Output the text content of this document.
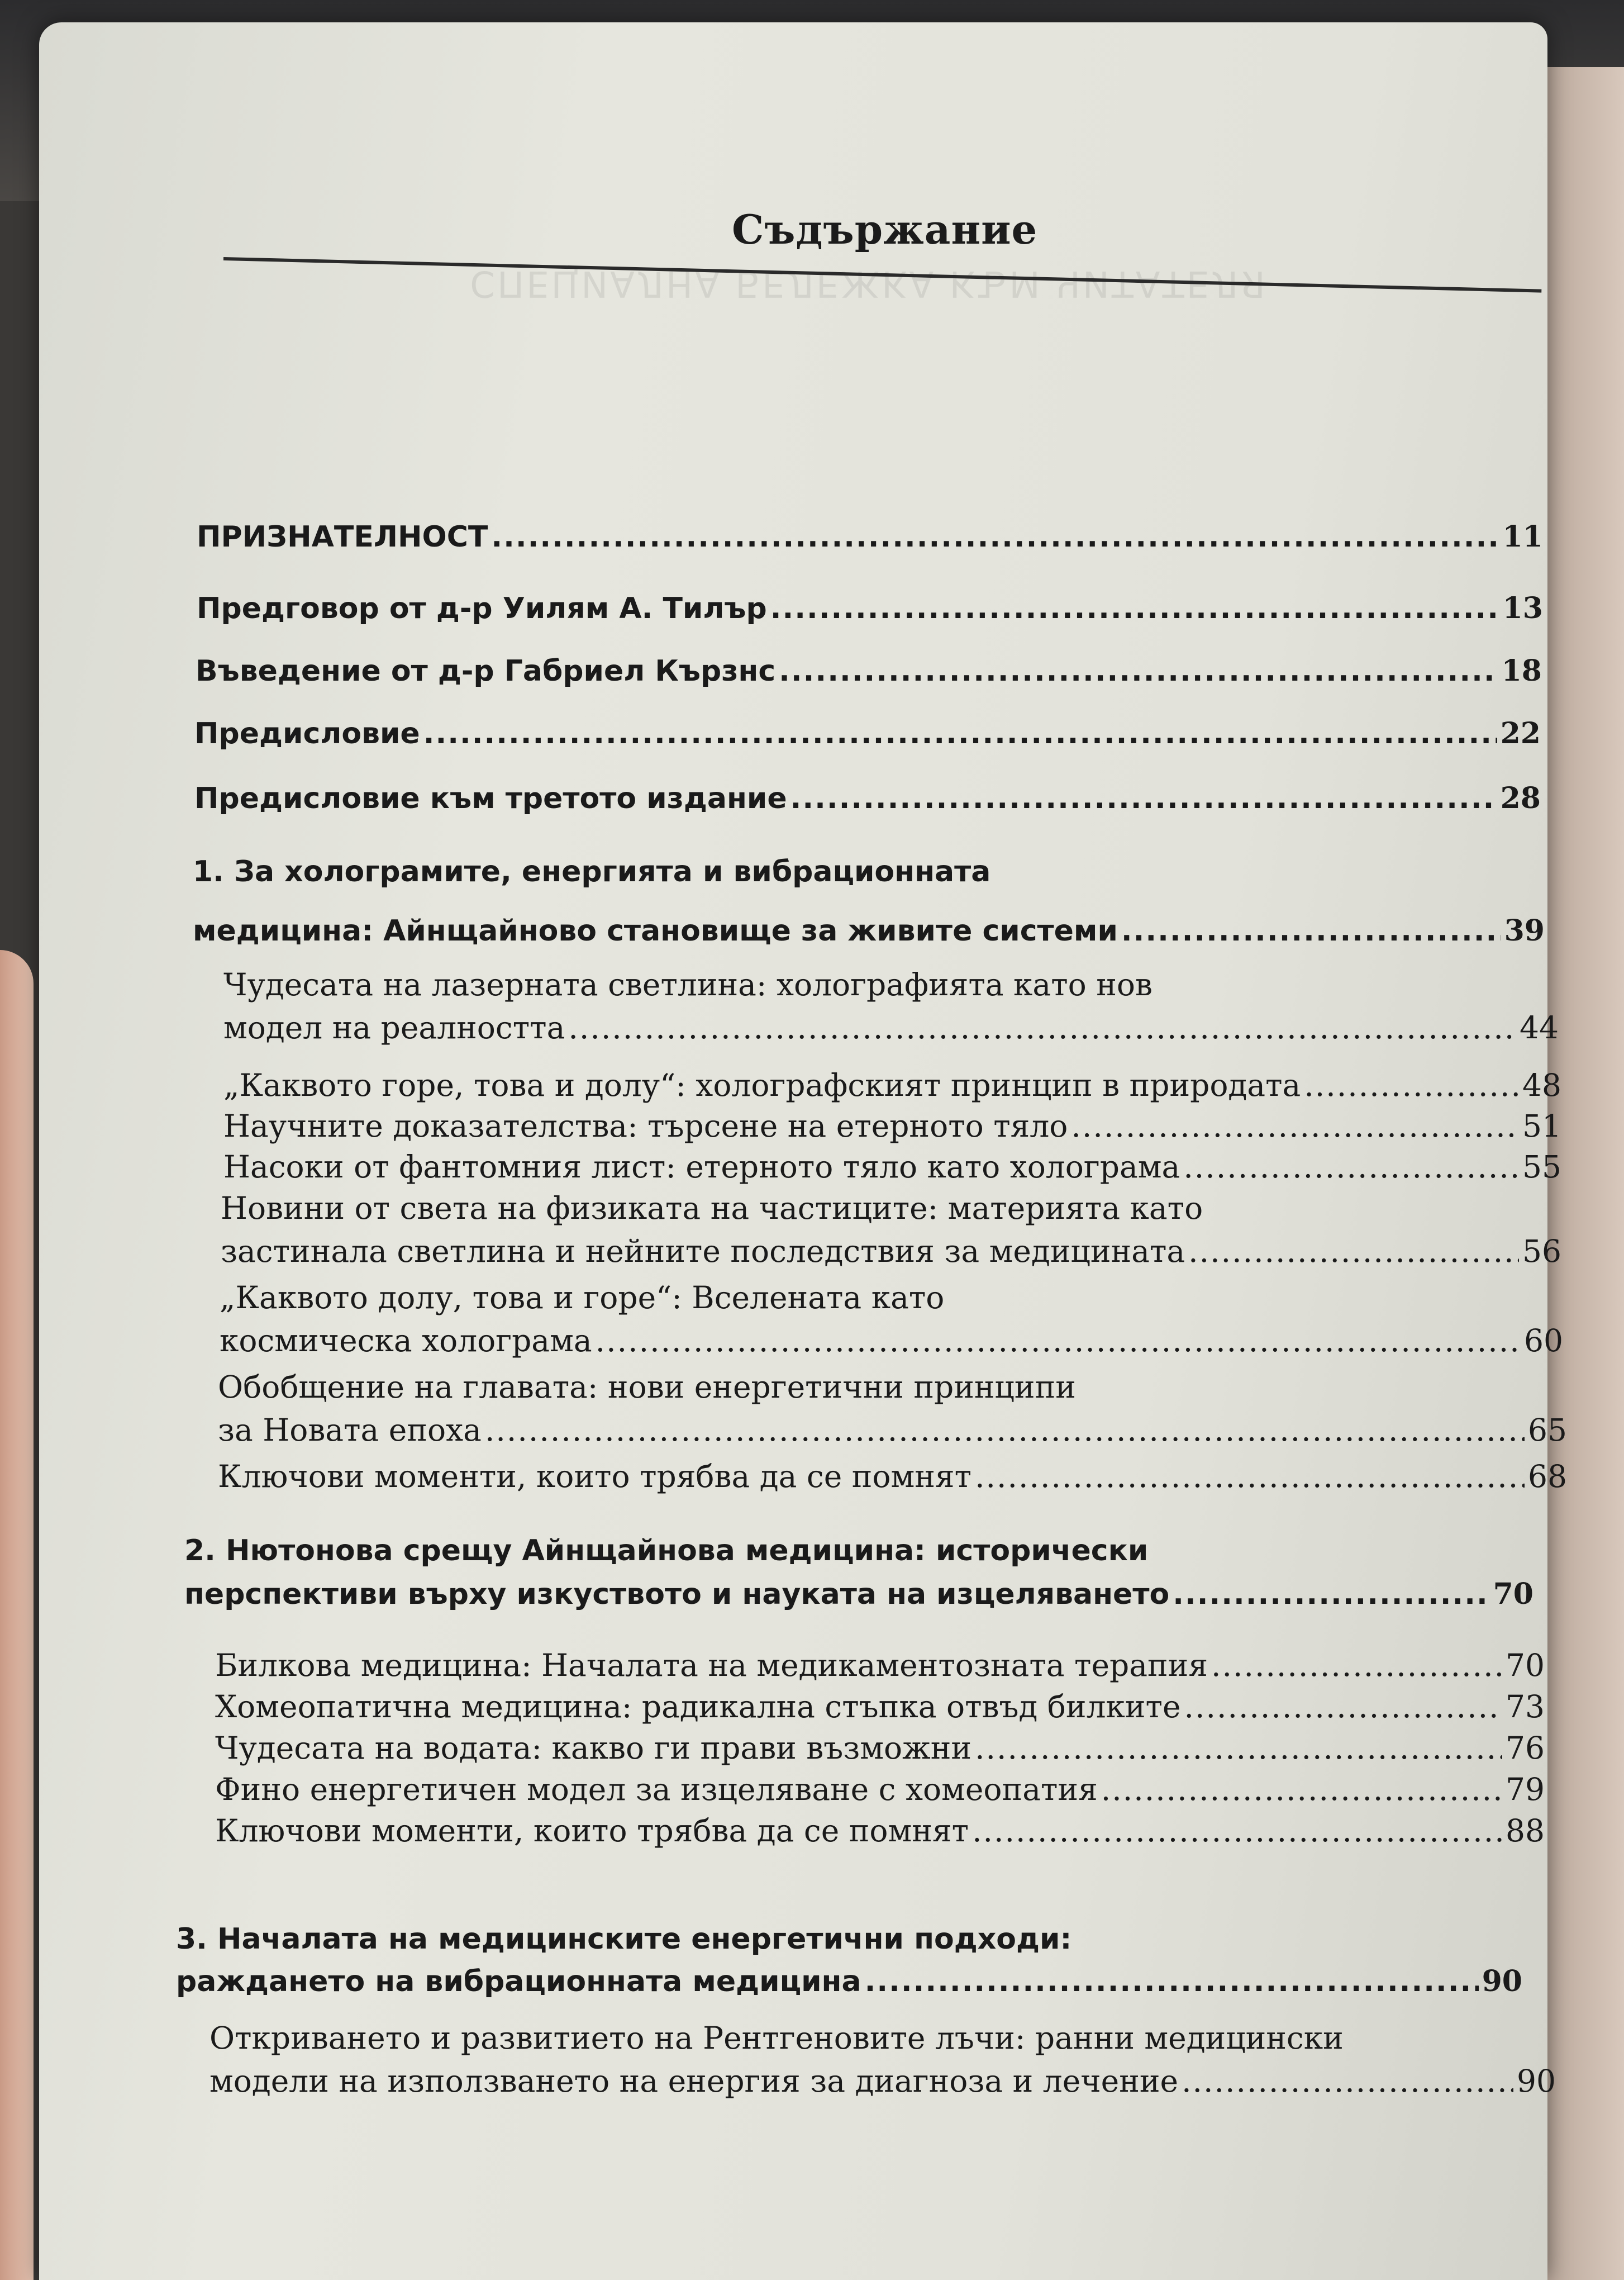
СПЕЦИАЛНА БЕЛЕЖКА КЪМ ЧИТАТЕЛЯ
Съдържание
ПРИЗНАТЕЛНОСТ .....	11
Предговор от д-р Уилям А. Тилър .....	13
Въведение от д-р Габриел Кързнс .....	18
Предисловие .....	22
Предисловие към третото издание .....	28
1. За холограмите, енергията и вибрационната
медицина: Айнщайново становище за живите системи .....	39
Чудесата на лазерната светлина: холографията като нов
модел на реалността .....	44
„Каквото горе, това и долу“: холографският принцип в природата .....	48
Научните доказателства: търсене на етерното тяло .....	51
Насоки от фантомния лист: етерното тяло като холограма .....	55
Новини от света на физиката на частиците: материята като
застинала светлина и нейните последствия за медицината .....	56
„Каквото долу, това и горе“: Вселената като
космическа холограма .....	60
Обобщение на главата: нови енергетични принципи
за Новата епоха .....	65
Ключови моменти, които трябва да се помнят .....	68
2. Нютонова срещу Айнщайнова медицина: исторически
перспективи върху изкуството и науката на изцеляването .....	70
Билкова медицина: Началата на медикаментозната терапия .....	70
Хомеопатична медицина: радикална стъпка отвъд билките .....	73
Чудесата на водата: какво ги прави възможни .....	76
Фино енергетичен модел за изцеляване с хомеопатия .....	79
Ключови моменти, които трябва да се помнят .....	88
3. Началата на медицинските енергетични подходи:
раждането на вибрационната медицина .....	90
Откриването и развитието на Рентгеновите лъчи: ранни медицински
модели на използването на енергия за диагноза и лечение .....	90
